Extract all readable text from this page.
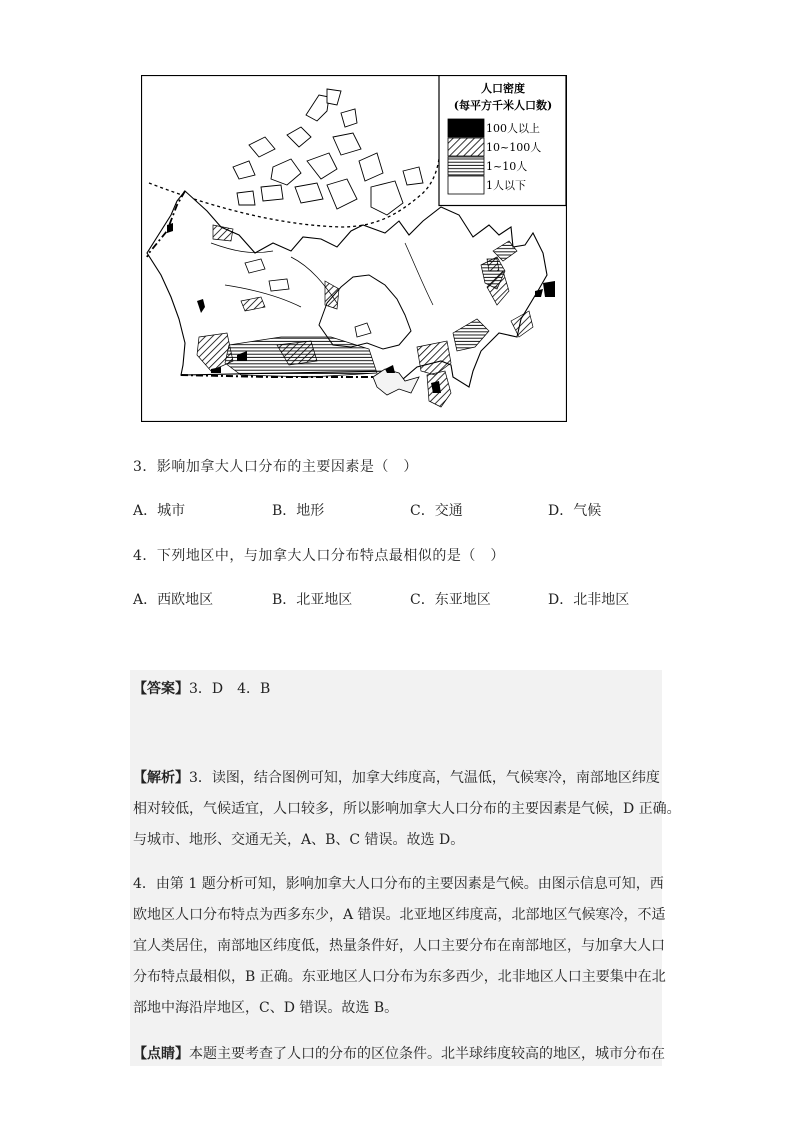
人口密度
(每平方千米人口数)
100人以上
10~100人
1~10人
1人以下
3．影响加拿大人口分布的主要因素是（　）
A．城市	B．地形	C．交通	D．气候
4．下列地区中，与加拿大人口分布特点最相似的是（　）
A．西欧地区	B．北亚地区	C．东亚地区	D．北非地区
【答案】3．D　4．B
【解析】3．读图，结合图例可知，加拿大纬度高，气温低，气候寒冷，南部地区纬度
相对较低，气候适宜，人口较多，所以影响加拿大人口分布的主要因素是气候，D 正确。
与城市、地形、交通无关，A、B、C 错误。故选 D。
4．由第 1 题分析可知，影响加拿大人口分布的主要因素是气候。由图示信息可知，西
欧地区人口分布特点为西多东少，A 错误。北亚地区纬度高，北部地区气候寒冷，不适
宜人类居住，南部地区纬度低，热量条件好，人口主要分布在南部地区，与加拿大人口
分布特点最相似，B 正确。东亚地区人口分布为东多西少，北非地区人口主要集中在北
部地中海沿岸地区，C、D 错误。故选 B。
【点睛】本题主要考查了人口的分布的区位条件。北半球纬度较高的地区，城市分布在
